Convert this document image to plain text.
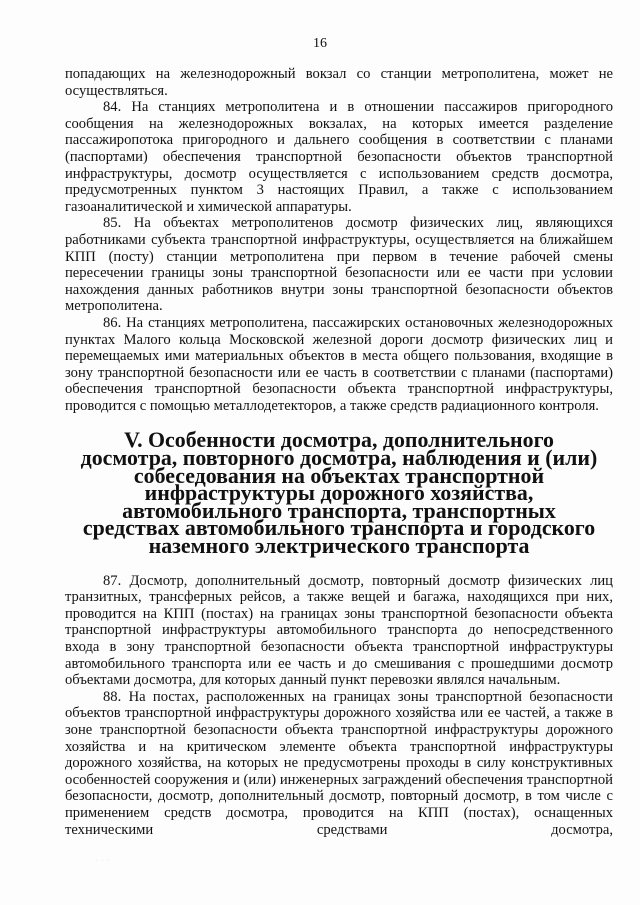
16

попадающих на железнодорожный вокзал со станции метрополитена, может не осуществляться.

84. На станциях метрополитена и в отношении пассажиров пригородного сообщения на железнодорожных вокзалах, на которых имеется разделение пассажиропотока пригородного и дальнего сообщения в соответствии с планами (паспортами) обеспечения транспортной безопасности объектов транспортной инфраструктуры, досмотр осуществляется с использованием средств досмотра, предусмотренных пунктом 3 настоящих Правил, а также с использованием газоаналитической и химической аппаратуры.

85. На объектах метрополитенов досмотр физических лиц, являющихся работниками субъекта транспортной инфраструктуры, осуществляется на ближайшем КПП (посту) станции метрополитена при первом в течение рабочей смены пересечении границы зоны транспортной безопасности или ее части при условии нахождения данных работников внутри зоны транспортной безопасности объектов метрополитена.

86. На станциях метрополитена, пассажирских остановочных железнодорожных пунктах Малого кольца Московской железной дороги досмотр физических лиц и перемещаемых ими материальных объектов в места общего пользования, входящие в зону транспортной безопасности или ее часть в соответствии с планами (паспортами) обеспечения транспортной безопасности объекта транспортной инфраструктуры, проводится с помощью металлодетекторов, а также средств радиационного контроля.

V. Особенности досмотра, дополнительного досмотра, повторного досмотра, наблюдения и (или) собеседования на объектах транспортной инфраструктуры дорожного хозяйства, автомобильного транспорта, транспортных средствах автомобильного транспорта и городского наземного электрического транспорта

87. Досмотр, дополнительный досмотр, повторный досмотр физических лиц транзитных, трансферных рейсов, а также вещей и багажа, находящихся при них, проводится на КПП (постах) на границах зоны транспортной безопасности объекта транспортной инфраструктуры автомобильного транспорта до непосредственного входа в зону транспортной безопасности объекта транспортной инфраструктуры автомобильного транспорта или ее часть и до смешивания с прошедшими досмотр объектами досмотра, для которых данный пункт перевозки являлся начальным.

88. На постах, расположенных на границах зоны транспортной безопасности объектов транспортной инфраструктуры дорожного хозяйства или ее частей, а также в зоне транспортной безопасности объекта транспортной инфраструктуры дорожного хозяйства и на критическом элементе объекта транспортной инфраструктуры дорожного хозяйства, на которых не предусмотрены проходы в силу конструктивных особенностей сооружения и (или) инженерных заграждений обеспечения транспортной безопасности, досмотр, дополнительный досмотр, повторный досмотр, в том числе с применением средств досмотра, проводится на КПП (постах), оснащенных техническими средствами досмотра,

· · ·
